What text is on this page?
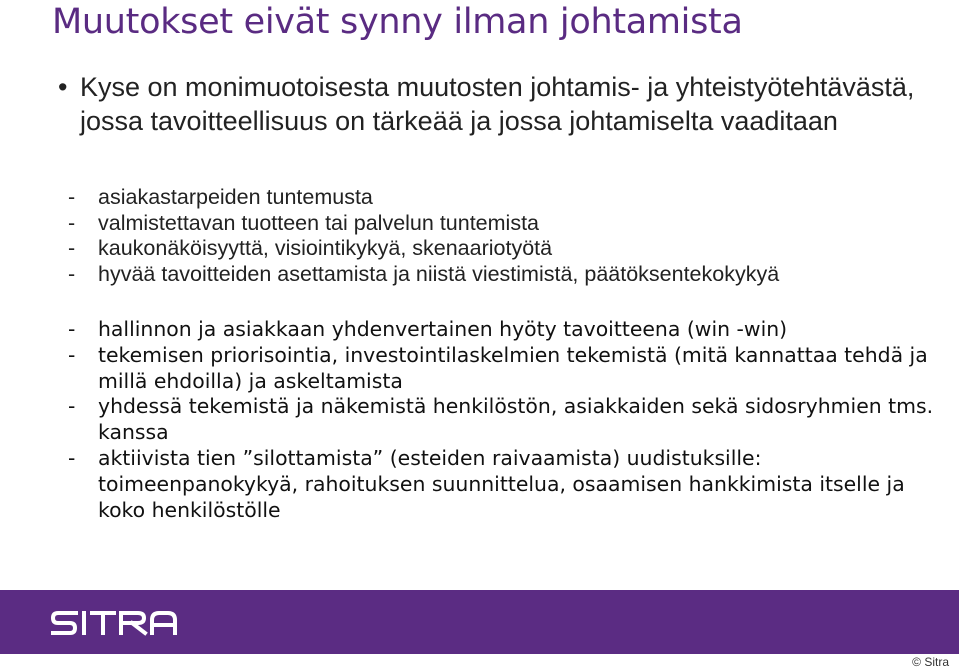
Muutokset eivät synny ilman johtamista
• Kyse on monimuotoisesta muutosten johtamis- ja yhteistyötehtävästä, jossa tavoitteellisuus on tärkeää ja jossa johtamiselta vaaditaan
- asiakastarpeiden tuntemusta
- valmistettavan tuotteen tai palvelun tuntemista
- kaukonäköisyyttä, visiointikykyä, skenaariotyötä
- hyvää tavoitteiden asettamista ja niistä viestimistä, päätöksentekokykyä
- hallinnon ja asiakkaan yhdenvertainen hyöty tavoitteena (win -win)
- tekemisen priorisointia, investointilaskelmien tekemistä (mitä kannattaa tehdä ja millä ehdoilla) ja askeltamista
- yhdessä tekemistä ja näkemistä henkilöstön, asiakkaiden sekä sidosryhmien tms. kanssa
- aktiivista tien ”silottamista” (esteiden raivaamista) uudistuksille: toimeenpanokykyä, rahoituksen suunnittelua, osaamisen hankkimista itselle ja koko henkilöstölle
© Sitra
